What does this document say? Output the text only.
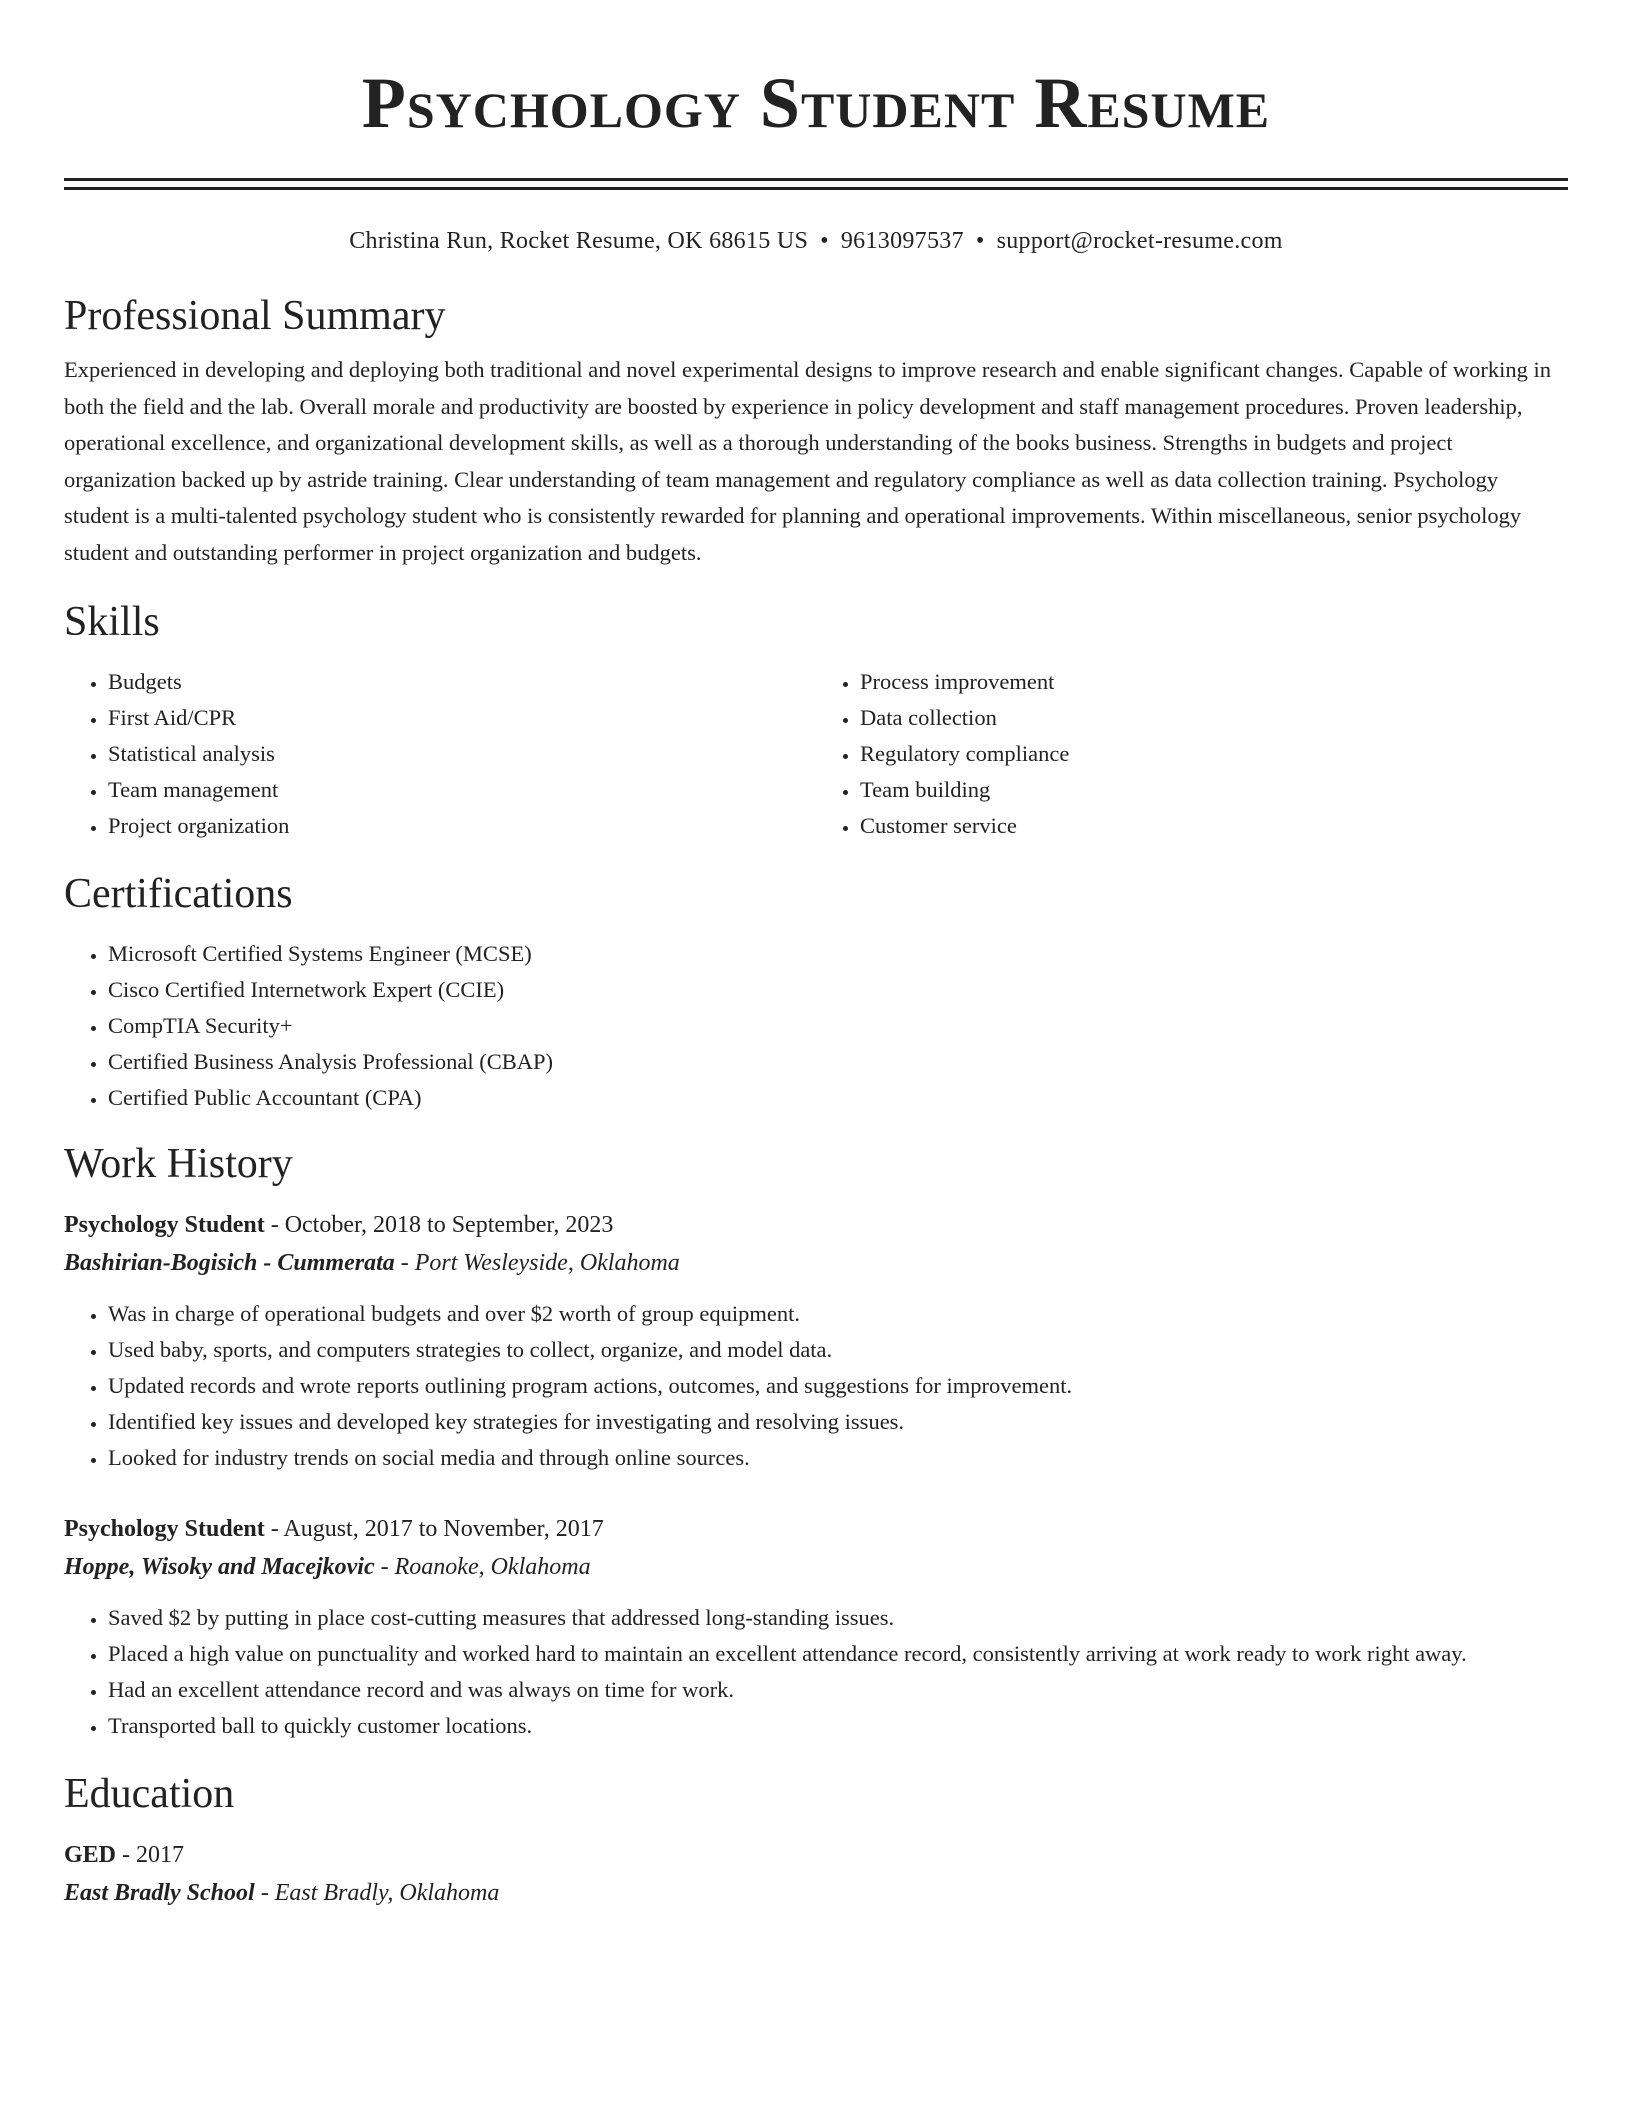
Psychology Student Resume
Christina Run, Rocket Resume, OK 68615 US • 9613097537 • support@rocket-resume.com
Professional Summary

Experienced in developing and deploying both traditional and novel experimental designs to improve research and enable significant changes. Capable of working in both the field and the lab. Overall morale and productivity are boosted by experience in policy development and staff management procedures. Proven leadership, operational excellence, and organizational development skills, as well as a thorough understanding of the books business. Strengths in budgets and project organization backed up by astride training. Clear understanding of team management and regulatory compliance as well as data collection training. Psychology student is a multi-talented psychology student who is consistently rewarded for planning and operational improvements. Within miscellaneous, senior psychology student and outstanding performer in project organization and budgets.

Skills
• Budgets
• First Aid/CPR
• Statistical analysis
• Team management
• Project organization
• Process improvement
• Data collection
• Regulatory compliance
• Team building
• Customer service
Certifications
• Microsoft Certified Systems Engineer (MCSE)
• Cisco Certified Internetwork Expert (CCIE)
• CompTIA Security+
• Certified Business Analysis Professional (CBAP)
• Certified Public Accountant (CPA)
Work History
Psychology Student - October, 2018 to September, 2023
Bashirian-Bogisich - Cummerata - Port Wesleyside, Oklahoma
• Was in charge of operational budgets and over $2 worth of group equipment.
• Used baby, sports, and computers strategies to collect, organize, and model data.
• Updated records and wrote reports outlining program actions, outcomes, and suggestions for improvement.
• Identified key issues and developed key strategies for investigating and resolving issues.
• Looked for industry trends on social media and through online sources.
Psychology Student - August, 2017 to November, 2017
Hoppe, Wisoky and Macejkovic - Roanoke, Oklahoma
• Saved $2 by putting in place cost-cutting measures that addressed long-standing issues.
• Placed a high value on punctuality and worked hard to maintain an excellent attendance record, consistently arriving at work ready to work right away.
• Had an excellent attendance record and was always on time for work.
• Transported ball to quickly customer locations.
Education
GED - 2017
East Bradly School - East Bradly, Oklahoma
